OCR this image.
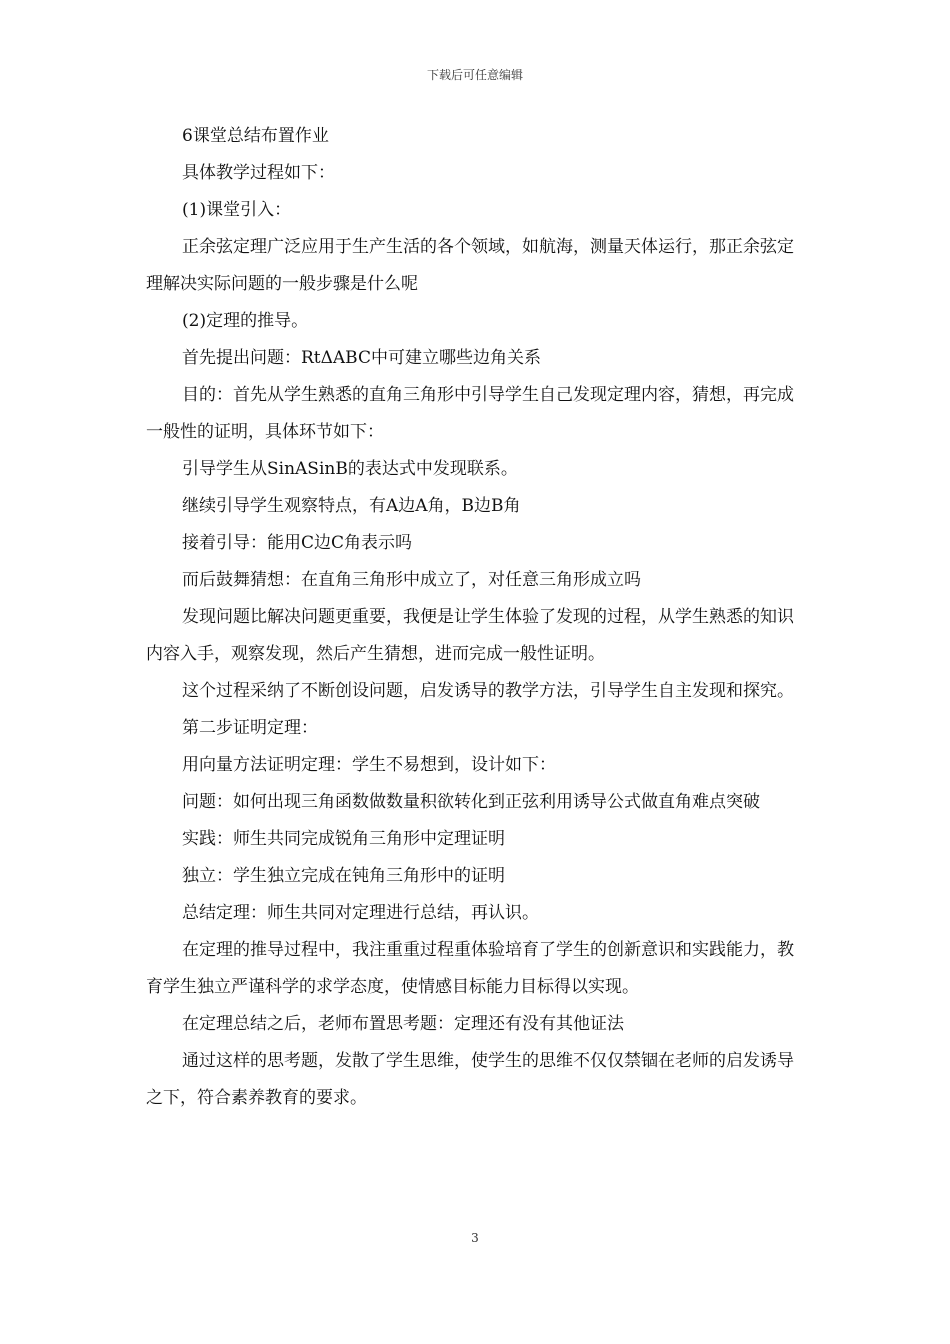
下载后可任意编辑

6课堂总结布置作业

具体教学过程如下：

(1)课堂引入：

正余弦定理广泛应用于生产生活的各个领域，如航海，测量天体运行，那正余弦定理解决实际问题的一般步骤是什么呢

(2)定理的推导。

首先提出问题：RtΔABC中可建立哪些边角关系

目的：首先从学生熟悉的直角三角形中引导学生自己发现定理内容，猜想，再完成一般性的证明，具体环节如下：

引导学生从SinASinB的表达式中发现联系。

继续引导学生观察特点，有A边A角，B边B角

接着引导：能用C边C角表示吗

而后鼓舞猜想：在直角三角形中成立了，对任意三角形成立吗

发现问题比解决问题更重要，我便是让学生体验了发现的过程，从学生熟悉的知识内容入手，观察发现，然后产生猜想，进而完成一般性证明。

这个过程采纳了不断创设问题，启发诱导的教学方法，引导学生自主发现和探究。

第二步证明定理：

用向量方法证明定理：学生不易想到，设计如下：

问题：如何出现三角函数做数量积欲转化到正弦利用诱导公式做直角难点突破

实践：师生共同完成锐角三角形中定理证明

独立：学生独立完成在钝角三角形中的证明

总结定理：师生共同对定理进行总结，再认识。

在定理的推导过程中，我注重重过程重体验培育了学生的创新意识和实践能力，教育学生独立严谨科学的求学态度，使情感目标能力目标得以实现。

在定理总结之后，老师布置思考题：定理还有没有其他证法

通过这样的思考题，发散了学生思维，使学生的思维不仅仅禁锢在老师的启发诱导之下，符合素养教育的要求。

3
